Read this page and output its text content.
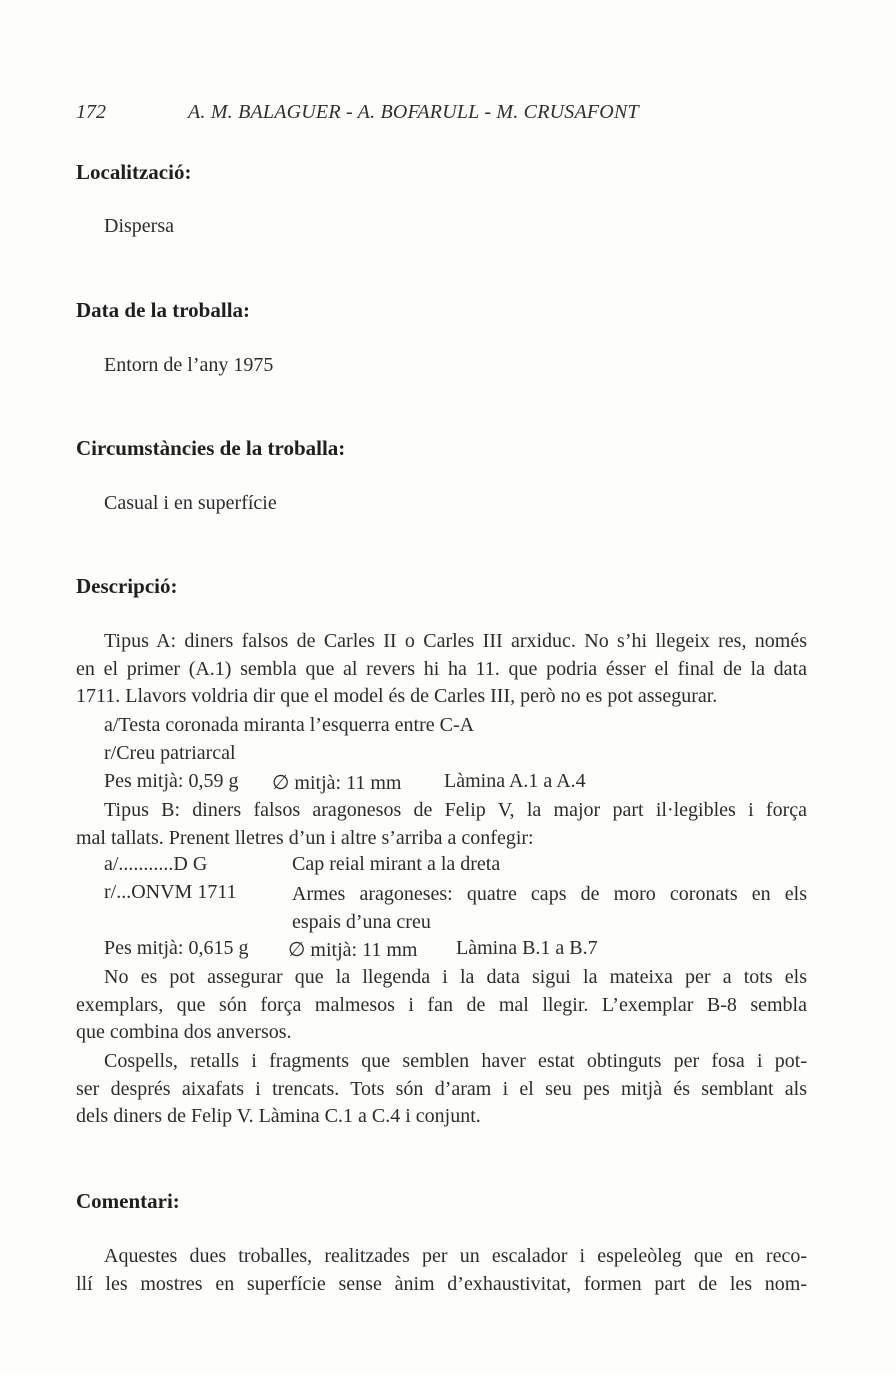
172	A. M. BALAGUER - A. BOFARULL - M. CRUSAFONT
Localització:
Dispersa
Data de la troballa:
Entorn de l’any 1975
Circumstàncies de la troballa:
Casual i en superfície
Descripció:
Tipus A: diners falsos de Carles II o Carles III arxiduc. No s’hi llegeix res, només
en el primer (A.1) sembla que al revers hi ha 11. que podria ésser el final de la data
1711. Llavors voldria dir que el model és de Carles III, però no es pot assegurar.
a/Testa coronada miranta l’esquerra entre C-A
r/Creu patriarcal
Pes mitjà: 0,59 g ∅ mitjà: 11 mm Làmina A.1 a A.4
Tipus B: diners falsos aragonesos de Felip V, la major part il·legibles i força
mal tallats. Prenent lletres d’un i altre s’arriba a confegir:
a/...........D G	Cap reial mirant a la dreta
r/...ONVM 1711	Armes aragoneses: quatre caps de moro coronats en els
espais d’una creu
Pes mitjà: 0,615 g ∅ mitjà: 11 mm Làmina B.1 a B.7
No es pot assegurar que la llegenda i la data sigui la mateixa per a tots els
exemplars, que són força malmesos i fan de mal llegir. L’exemplar B-8 sembla
que combina dos anversos.
Cospells, retalls i fragments que semblen haver estat obtinguts per fosa i pot-
ser després aixafats i trencats. Tots són d’aram i el seu pes mitjà és semblant als
dels diners de Felip V. Làmina C.1 a C.4 i conjunt.
Comentari:
Aquestes dues troballes, realitzades per un escalador i espeleòleg que en reco-
llí les mostres en superfície sense ànim d’exhaustivitat, formen part de les nom-
